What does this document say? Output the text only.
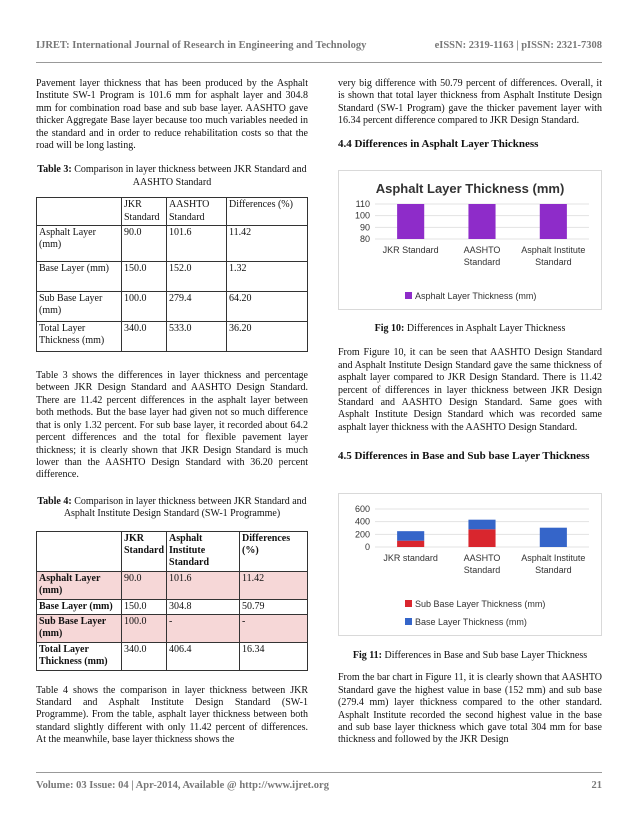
IJRET: International Journal of Research in Engineering and Technology	eISSN: 2319-1163 | pISSN: 2321-7308

Pavement layer thickness that has been produced by the Asphalt Institute SW-1 Program is 101.6 mm for asphalt layer and 304.8 mm for combination road base and sub base layer. AASHTO gave thicker Aggregate Base layer because too much variables needed in the standard and in order to reduce rehabilitation costs so that the road will be long lasting.

Table 3: Comparison in layer thickness between JKR Standard and AASHTO Standard

	JKR Standard	AASHTO Standard	Differences (%)
Asphalt Layer (mm)	90.0	101.6	11.42
Base Layer (mm)	150.0	152.0	1.32
Sub Base Layer (mm)	100.0	279.4	64.20
Total Layer Thickness (mm)	340.0	533.0	36.20

Table 3 shows the differences in layer thickness and percentage between JKR Design Standard and AASHTO Design Standard. There are 11.42 percent differences in the asphalt layer between both methods. But the base layer had given not so much difference that is only 1.32 percent. For sub base layer, it recorded about 64.2 percent differences and the total for flexible pavement layer thickness; it is clearly shown that JKR Design Standard is much lower than the AASHTO Design Standard with 36.20 percent difference.

Table 4: Comparison in layer thickness between JKR Standard and Asphalt Institute Design Standard (SW-1 Programme)

	JKR Standard	Asphalt Institute Standard	Differences (%)
Asphalt Layer (mm)	90.0	101.6	11.42
Base Layer (mm)	150.0	304.8	50.79
Sub Base Layer (mm)	100.0	-	-
Total Layer Thickness (mm)	340.0	406.4	16.34

Table 4 shows the comparison in layer thickness between JKR Standard and Asphalt Institute Design Standard (SW-1 Programme). From the table, asphalt layer thickness between both standard slightly different with only 11.42 percent of differences. At the meanwhile, base layer thickness shows the

very big difference with 50.79 percent of differences. Overall, it is shown that total layer thickness from Asphalt Institute Design Standard (SW-1 Program) gave the thicker pavement layer with 16.34 percent difference compared to JKR Design Standard.

4.4 Differences in Asphalt Layer Thickness

Asphalt Layer Thickness (mm)
110
100
90
80
JKR Standard	AASHTO
Standard
Asphalt Institute
Standard
Asphalt Layer Thickness (mm)

Fig 10: Differences in Asphalt Layer Thickness

From Figure 10, it can be seen that AASHTO Design Standard and Asphalt Institute Design Standard gave the same thickness of asphalt layer compared to JKR Design Standard. There is 11.42 percent of differences in layer thickness between JKR Design Standard and AASHTO Design Standard. Same goes with Asphalt Institute Design Standard which was recorded same asphalt layer thickness with the AASHTO Design Standard.

4.5 Differences in Base and Sub base Layer Thickness

600
400
200
0
JKR standard	AASHTO
Standard
Asphalt Institute
Standard
Sub Base Layer Thickness (mm)
Base Layer Thickness (mm)

Fig 11: Differences in Base and Sub base Layer Thickness

From the bar chart in Figure 11, it is clearly shown that AASHTO Standard gave the highest value in base (152 mm) and sub base (279.4 mm) layer thickness compared to the other standard. Asphalt Institute recorded the second highest value in the base and sub base layer thickness which gave total 304 mm for base thickness and followed by the JKR Design

Volume: 03 Issue: 04 | Apr-2014, Available @ http://www.ijret.org	21
